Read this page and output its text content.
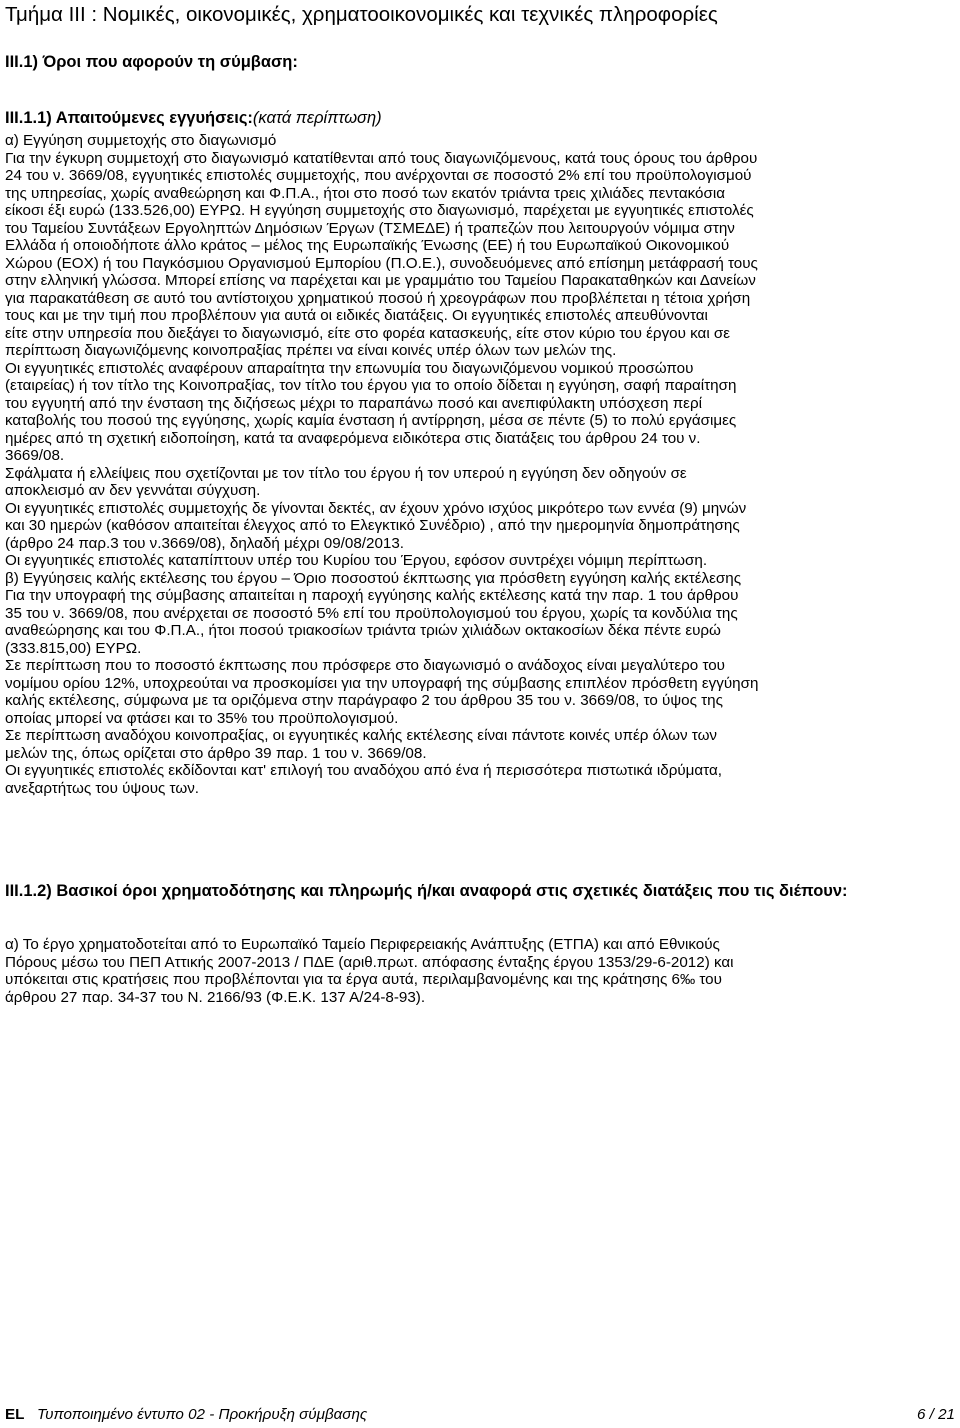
Τμήμα ΙΙΙ : Νομικές, οικονομικές, χρηματοοικονομικές και τεχνικές πληροφορίες
ΙΙΙ.1) Όροι που αφορούν τη σύμβαση:
ΙΙΙ.1.1) Απαιτούμενες εγγυήσεις:(κατά περίπτωση)
α) Εγγύηση συμμετοχής στο διαγωνισμό
Για την έγκυρη συμμετοχή στο διαγωνισμό κατατίθενται από τους διαγωνιζόμενους, κατά τους όρους του άρθρου
24 του ν. 3669/08, εγγυητικές επιστολές συμμετοχής, που ανέρχονται σε ποσοστό 2% επί του προϋπολογισμού
της υπηρεσίας, χωρίς αναθεώρηση και Φ.Π.Α., ήτοι στο ποσό των εκατόν τριάντα τρεις χιλιάδες πεντακόσια
είκοσι έξι ευρώ (133.526,00) ΕΥΡΩ. Η εγγύηση συμμετοχής στο διαγωνισμό, παρέχεται με εγγυητικές επιστολές
του Ταμείου Συντάξεων Εργοληπτών Δημόσιων Έργων (ΤΣΜΕΔΕ) ή τραπεζών που λειτουργούν νόμιμα στην
Ελλάδα ή οποιοδήποτε άλλο κράτος – μέλος της Ευρωπαϊκής Ένωσης (ΕΕ) ή του Ευρωπαϊκού Οικονομικού
Χώρου (ΕΟΧ) ή του Παγκόσμιου Οργανισμού Εμπορίου (Π.Ο.Ε.), συνοδευόμενες από επίσημη μετάφρασή τους
στην ελληνική γλώσσα. Μπορεί επίσης να παρέχεται και με γραμμάτιο του Ταμείου Παρακαταθηκών και Δανείων
για παρακατάθεση σε αυτό του αντίστοιχου χρηματικού ποσού ή χρεογράφων που προβλέπεται η τέτοια χρήση
τους και με την τιμή που προβλέπουν για αυτά οι ειδικές διατάξεις. Οι εγγυητικές επιστολές απευθύνονται
είτε στην υπηρεσία που διεξάγει το διαγωνισμό, είτε στο φορέα κατασκευής, είτε στον κύριο του έργου και σε
περίπτωση διαγωνιζόμενης κοινοπραξίας πρέπει να είναι κοινές υπέρ όλων των μελών της.
Οι εγγυητικές επιστολές αναφέρουν απαραίτητα την επωνυμία του διαγωνιζόμενου νομικού προσώπου
(εταιρείας) ή τον τίτλο της Κοινοπραξίας, τον τίτλο του έργου για το οποίο δίδεται η εγγύηση, σαφή παραίτηση
του εγγυητή από την ένσταση της διζήσεως μέχρι το παραπάνω ποσό και ανεπιφύλακτη υπόσχεση περί
καταβολής του ποσού της εγγύησης, χωρίς καμία ένσταση ή αντίρρηση, μέσα σε πέντε (5) το πολύ εργάσιμες
ημέρες από τη σχετική ειδοποίηση, κατά τα αναφερόμενα ειδικότερα στις διατάξεις του άρθρου 24 του ν.
3669/08.
Σφάλματα ή ελλείψεις που σχετίζονται με τον τίτλο του έργου ή τον υπερού η εγγύηση δεν οδηγούν σε
αποκλεισμό αν δεν γεννάται σύγχυση.
Οι εγγυητικές επιστολές συμμετοχής δε γίνονται δεκτές, αν έχουν χρόνο ισχύος μικρότερο των εννέα (9) μηνών
και 30 ημερών (καθόσον απαιτείται έλεγχος από το Ελεγκτικό Συνέδριο) , από την ημερομηνία δημοπράτησης
(άρθρο 24 παρ.3 του ν.3669/08), δηλαδή μέχρι 09/08/2013.
Οι εγγυητικές επιστολές καταπίπτουν υπέρ του Κυρίου του Έργου, εφόσον συντρέχει νόμιμη περίπτωση.
β) Εγγύησεις καλής εκτέλεσης του έργου – Όριο ποσοστού έκπτωσης για πρόσθετη εγγύηση καλής εκτέλεσης
Για την υπογραφή της σύμβασης απαιτείται η παροχή εγγύησης καλής εκτέλεσης κατά την παρ. 1 του άρθρου
35 του ν. 3669/08, που ανέρχεται σε ποσοστό 5% επί του προϋπολογισμού του έργου, χωρίς τα κονδύλια της
αναθεώρησης και του Φ.Π.Α., ήτοι ποσού τριακοσίων τριάντα τριών χιλιάδων οκτακοσίων δέκα πέντε ευρώ
(333.815,00) ΕΥΡΩ.
Σε περίπτωση που το ποσοστό έκπτωσης που πρόσφερε στο διαγωνισμό ο ανάδοχος είναι μεγαλύτερο του
νομίμου ορίου 12%, υποχρεούται να προσκομίσει για την υπογραφή της σύμβασης επιπλέον πρόσθετη εγγύηση
καλής εκτέλεσης, σύμφωνα με τα οριζόμενα στην παράγραφο 2 του άρθρου 35 του ν. 3669/08, το ύψος της
οποίας μπορεί να φτάσει και το 35% του προϋπολογισμού.
Σε περίπτωση αναδόχου κοινοπραξίας, οι εγγυητικές καλής εκτέλεσης είναι πάντοτε κοινές υπέρ όλων των
μελών της, όπως ορίζεται στο άρθρο 39 παρ. 1 του ν. 3669/08.
Οι εγγυητικές επιστολές εκδίδονται κατ' επιλογή του αναδόχου από ένα ή περισσότερα πιστωτικά ιδρύματα,
ανεξαρτήτως του ύψους των.
ΙΙΙ.1.2) Βασικοί όροι χρηματοδότησης και πληρωμής ή/και αναφορά στις σχετικές διατάξεις που τις διέπουν:
α) Το έργο χρηματοδοτείται από το Ευρωπαϊκό Ταμείο Περιφερειακής Ανάπτυξης (ΕΤΠΑ) και από Εθνικούς
Πόρους μέσω του ΠΕΠ Αττικής 2007-2013 / ΠΔΕ (αριθ.πρωτ. απόφασης ένταξης έργου 1353/29-6-2012) και
υπόκειται στις κρατήσεις που προβλέπονται για τα έργα αυτά, περιλαμβανομένης και της κράτησης 6‰ του
άρθρου 27 παρ. 34-37 του Ν. 2166/93 (Φ.Ε.Κ. 137 Α/24-8-93).
EL Τυποποιημένο έντυπο 02 - Προκήρυξη σύμβασης	6 / 21
